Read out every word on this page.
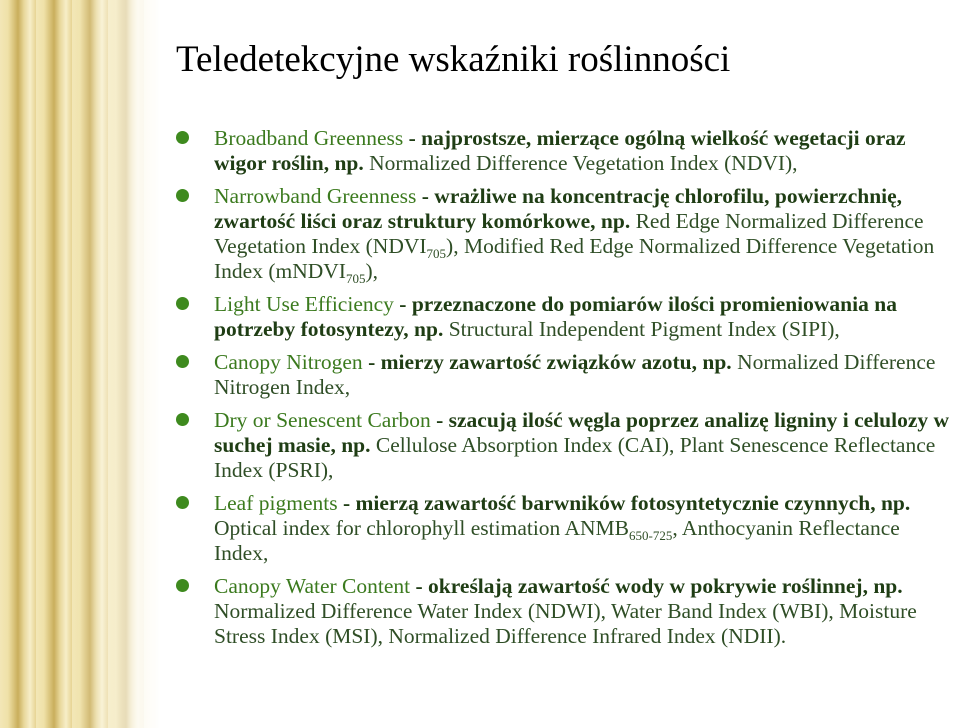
Teledetekcyjne wskaźniki roślinności
Broadband Greenness - najprostsze, mierzące ogólną wielkość wegetacji oraz wigor roślin, np. Normalized Difference Vegetation Index (NDVI),
Narrowband Greenness - wrażliwe na koncentrację chlorofilu, powierzchnię, zwartość liści oraz struktury komórkowe, np. Red Edge Normalized Difference Vegetation Index $(NDVI_{705})$, Modified Red Edge Normalized Difference Vegetation Index (mNDVI$_{705}$),
Light Use Efficiency - przeznaczone do pomiarów ilości promieniowania na potrzeby fotosyntezy, np. Structural Independent Pigment Index (SIPI),
Canopy Nitrogen - mierzy zawartość związków azotu, np. Normalized Difference Nitrogen Index,
Dry or Senescent Carbon - szacują ilość węgla poprzez analizę ligniny i celulozy w suchej masie, np. Cellulose Absorption Index (CAI), Plant Senescence Reflectance Index (PSRI),
Leaf pigments - mierzą zawartość barwników fotosyntetycznie czynnych, np. Optical index for chlorophyll estimation $ANMB_{650-725}$, Anthocyanin Reflectance Index,
Canopy Water Content - określają zawartość wody w pokrywie roślinnej, np. Normalized Difference Water Index (NDWI), Water Band Index (WBI), Moisture Stress Index (MSI), Normalized Difference Infrared Index (NDII).
